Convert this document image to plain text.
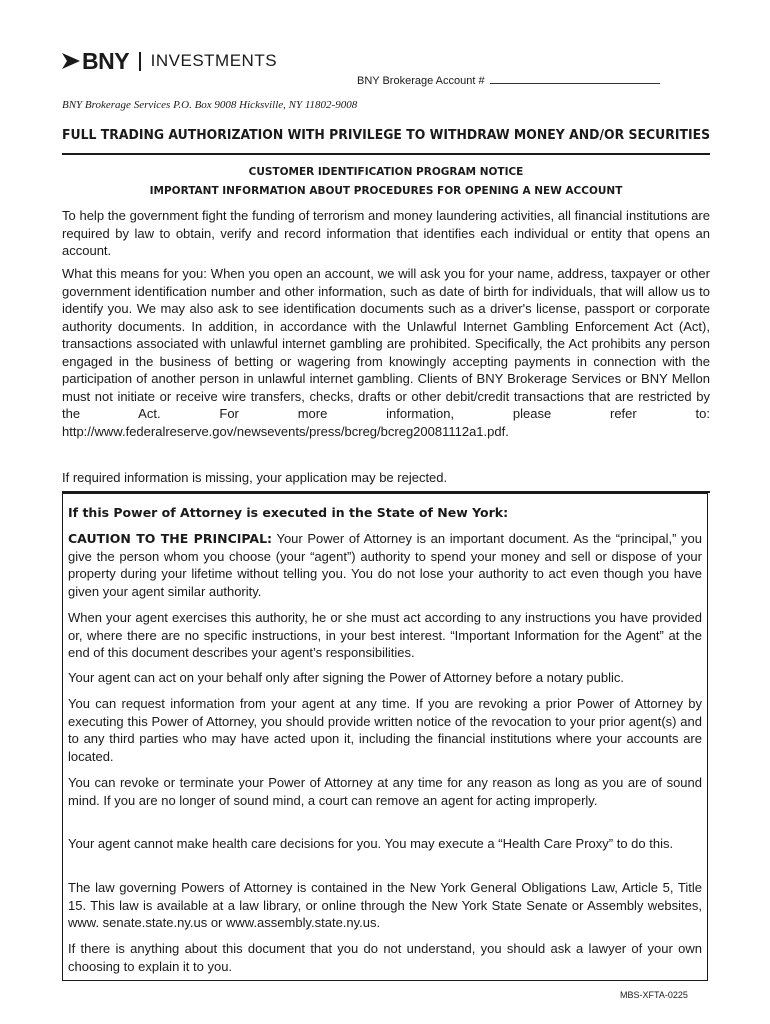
BNY INVESTMENTS
BNY Brokerage Account #
BNY Brokerage Services P.O. Box 9008 Hicksville, NY 11802-9008
FULL TRADING AUTHORIZATION WITH PRIVILEGE TO WITHDRAW MONEY AND/OR SECURITIES
CUSTOMER IDENTIFICATION PROGRAM NOTICE
IMPORTANT INFORMATION ABOUT PROCEDURES FOR OPENING A NEW ACCOUNT

To help the government fight the funding of terrorism and money laundering activities, all financial institutions are required by law to obtain, verify and record information that identifies each individual or entity that opens an account.

What this means for you: When you open an account, we will ask you for your name, address, taxpayer or other government identification number and other information, such as date of birth for individuals, that will allow us to identify you. We may also ask to see identification documents such as a driver's license, passport or corporate authority documents. In addition, in accordance with the Unlawful Internet Gambling Enforcement Act (Act), transactions associated with unlawful internet gambling are prohibited. Specifically, the Act prohibits any person engaged in the business of betting or wagering from knowingly accepting payments in connection with the participation of another person in unlawful internet gambling. Clients of BNY Brokerage Services or BNY Mellon must not initiate or receive wire transfers, checks, drafts or other debit/credit transactions that are restricted by the Act. For more information, please refer to: http://www.federalreserve.gov/newsevents/press/bcreg/bcreg20081112a1.pdf.

If required information is missing, your application may be rejected.

If this Power of Attorney is executed in the State of New York:

CAUTION TO THE PRINCIPAL: Your Power of Attorney is an important document. As the “principal,” you give the person whom you choose (your “agent”) authority to spend your money and sell or dispose of your property during your lifetime without telling you. You do not lose your authority to act even though you have given your agent similar authority.

When your agent exercises this authority, he or she must act according to any instructions you have provided or, where there are no specific instructions, in your best interest. “Important Information for the Agent” at the end of this document describes your agent’s responsibilities.

Your agent can act on your behalf only after signing the Power of Attorney before a notary public.

You can request information from your agent at any time. If you are revoking a prior Power of Attorney by executing this Power of Attorney, you should provide written notice of the revocation to your prior agent(s) and to any third parties who may have acted upon it, including the financial institutions where your accounts are located.

You can revoke or terminate your Power of Attorney at any time for any reason as long as you are of sound mind. If you are no longer of sound mind, a court can remove an agent for acting improperly.

Your agent cannot make health care decisions for you. You may execute a “Health Care Proxy” to do this.

The law governing Powers of Attorney is contained in the New York General Obligations Law, Article 5, Title 15. This law is available at a law library, or online through the New York State Senate or Assembly websites, www. senate.state.ny.us or www.assembly.state.ny.us.

If there is anything about this document that you do not understand, you should ask a lawyer of your own choosing to explain it to you.

MBS-XFTA-0225
